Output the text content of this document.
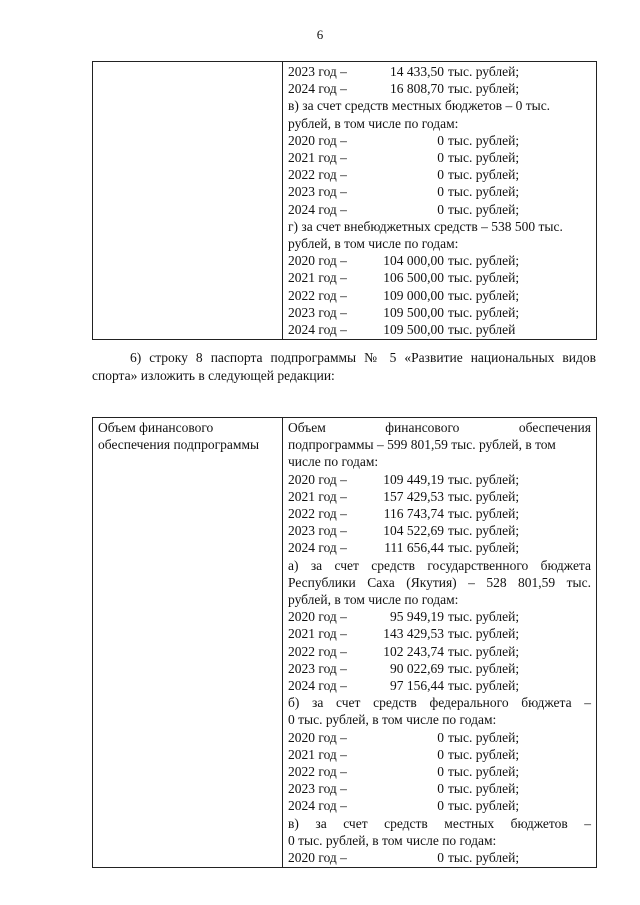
6

2023 год –	14 433,50 тыс. рублей;
2024 год –	16 808,70 тыс. рублей;
в) за счет средств местных бюджетов – 0 тыс.
рублей, в том числе по годам:
2020 год –	0 тыс. рублей;
2021 год –	0 тыс. рублей;
2022 год –	0 тыс. рублей;
2023 год –	0 тыс. рублей;
2024 год –	0 тыс. рублей;
г) за счет внебюджетных средств – 538 500 тыс.
рублей, в том числе по годам:
2020 год –	104 000,00 тыс. рублей;
2021 год –	106 500,00 тыс. рублей;
2022 год –	109 000,00 тыс. рублей;
2023 год –	109 500,00 тыс. рублей;
2024 год –	109 500,00 тыс. рублей
6) строку 8 паспорта подпрограммы № 5 «Развитие национальных видов
спорта» изложить в следующей редакции:
Объем финансового
обеспечения подпрограммы

Объем финансового обеспечения
подпрограммы – 599 801,59 тыс. рублей, в том
числе по годам:
2020 год –	109 449,19 тыс. рублей;
2021 год –	157 429,53 тыс. рублей;
2022 год –	116 743,74 тыс. рублей;
2023 год –	104 522,69 тыс. рублей;
2024 год –	111 656,44 тыс. рублей;
а) за счет средств государственного бюджета
Республики Саха (Якутия) – 528 801,59 тыс.
рублей, в том числе по годам:
2020 год –	95 949,19 тыс. рублей;
2021 год –	143 429,53 тыс. рублей;
2022 год –	102 243,74 тыс. рублей;
2023 год –	90 022,69 тыс. рублей;
2024 год –	97 156,44 тыс. рублей;
б) за счет средств федерального бюджета –
0 тыс. рублей, в том числе по годам:
2020 год –	0 тыс. рублей;
2021 год –	0 тыс. рублей;
2022 год –	0 тыс. рублей;
2023 год –	0 тыс. рублей;
2024 год –	0 тыс. рублей;
в) за счет средств местных бюджетов –
0 тыс. рублей, в том числе по годам:
2020 год –	0 тыс. рублей;
